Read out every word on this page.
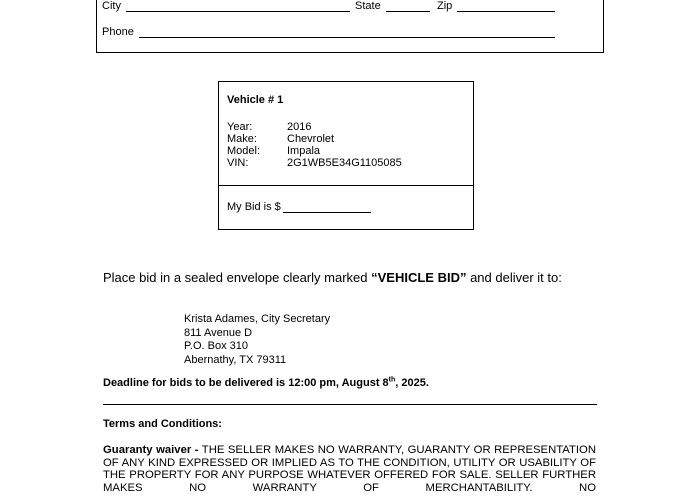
City	State	Zip
Phone
Vehicle # 1
Year:	2016
Make:	Chevrolet
Model:	Impala
VIN:	2G1WB5E34G1105085
My Bid is $
Place bid in a sealed envelope clearly marked “VEHICLE BID” and deliver it to:
Krista Adames, City Secretary
811 Avenue D
P.O. Box 310
Abernathy, TX 79311
Deadline for bids to be delivered is 12:00 pm, August 8th, 2025.
Terms and Conditions:
Guaranty waiver - THE SELLER MAKES NO WARRANTY, GUARANTY OR REPRESENTATION OF ANY KIND EXPRESSED OR IMPLIED AS TO THE CONDITION, UTILITY OR USABILITY OF THE PROPERTY FOR ANY PURPOSE WHATEVER OFFERED FOR SALE. SELLER FURTHER MAKES NO WARRANTY OF MERCHANTABILITY. NO
